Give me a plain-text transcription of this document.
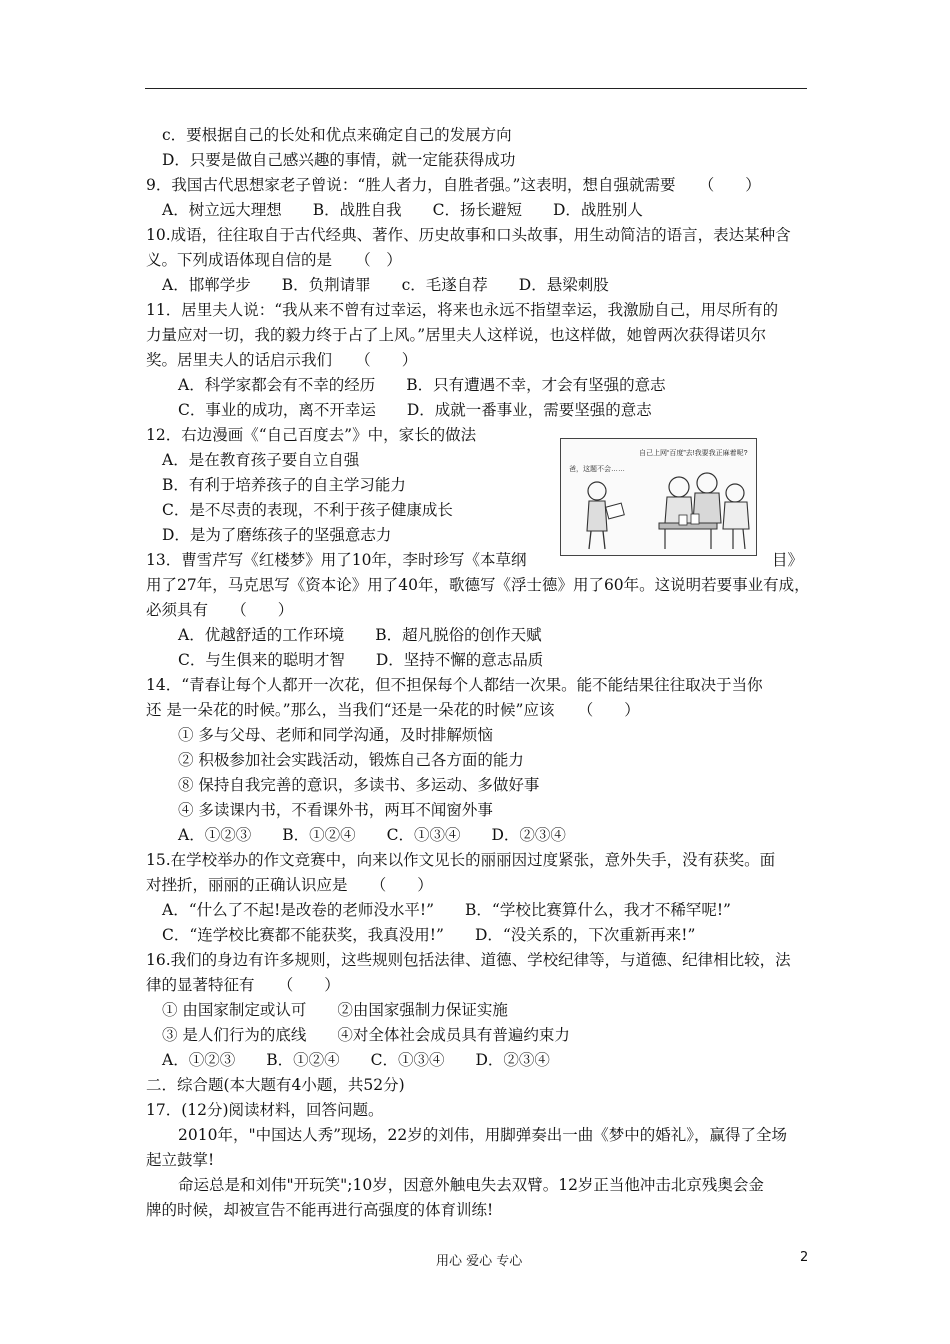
c．要根据自己的长处和优点来确定自己的发展方向
D．只要是做自己感兴趣的事情，就一定能获得成功
9．我国古代思想家老子曾说：“胜人者力，自胜者强。”这表明，想自强就需要　　（　　）
A．树立远大理想　　B．战胜自我　　C．扬长避短　　D．战胜别人
10.成语，往往取自于古代经典、著作、历史故事和口头故事，用生动简洁的语言，表达某种含
义。下列成语体现自信的是　　（　）
A．邯郸学步　　B．负荆请罪　　c．毛遂自荐　　D．悬梁刺股
11．居里夫人说：“我从来不曾有过幸运，将来也永远不指望幸运，我激励自己，用尽所有的
力量应对一切，我的毅力终于占了上风。”居里夫人这样说，也这样做，她曾两次获得诺贝尔
奖。居里夫人的话启示我们　　（　　）
A．科学家都会有不幸的经历　　B．只有遭遇不幸，才会有坚强的意志
C．事业的成功，离不开幸运　　D．成就一番事业，需要坚强的意志
12．右边漫画《“自己百度去”》中，家长的做法
A．是在教育孩子要自立自强
B．有利于培养孩子的自主学习能力
C．是不尽责的表现，不利于孩子健康成长
D．是为了磨练孩子的坚强意志力
13．曹雪芹写《红楼梦》用了10年，李时珍写《本草纲	目》
用了27年，马克思写《资本论》用了40年，歌德写《浮士德》用了60年。这说明若要事业有成，
必须具有　　（　　）
A．优越舒适的工作环境　　B．超凡脱俗的创作天赋
C．与生俱来的聪明才智　　D．坚持不懈的意志品质
14．“青春让每个人都开一次花，但不担保每个人都结一次果。能不能结果往往取决于当你
还 是一朵花的时候。”那么，当我们“还是一朵花的时候”应该　　（　　）
① 多与父母、老师和同学沟通，及时排解烦恼
② 积极参加社会实践活动，锻炼自己各方面的能力
⑧ 保持自我完善的意识，多读书、多运动、多做好事
④ 多读课内书，不看课外书，两耳不闻窗外事
A．①②③　　B．①②④　　C．①③④　　D．②③④
15.在学校举办的作文竞赛中，向来以作文见长的丽丽因过度紧张，意外失手，没有获奖。面
对挫折，丽丽的正确认识应是　　（　　）
A．“什么了不起!是改卷的老师没水平!”　　B．“学校比赛算什么，我才不稀罕呢!”
C．“连学校比赛都不能获奖，我真没用!”　　D．“没关系的，下次重新再来!”
16.我们的身边有许多规则，这些规则包括法律、道德、学校纪律等，与道德、纪律相比较，法
律的显著特征有　　（　　）
① 由国家制定或认可　　②由国家强制力保证实施
③ 是人们行为的底线　　④对全体社会成员具有普遍约束力
A．①②③　　B．①②④　　C．①③④　　D．②③④
二．综合题(本大题有4小题，共52分)
17．(12分)阅读材料，回答问题。
2010年，"中国达人秀”现场，22岁的刘伟，用脚弹奏出一曲《梦中的婚礼》，赢得了全场
起立鼓掌!
命运总是和刘伟"开玩笑";10岁，因意外触电失去双臂。12岁正当他冲击北京残奥会金
牌的时候，却被宣告不能再进行高强度的体育训练!
自己上网“百度”去!我要我正麻着呢?
爸，这题不会……
用心 爱心 专心	2
